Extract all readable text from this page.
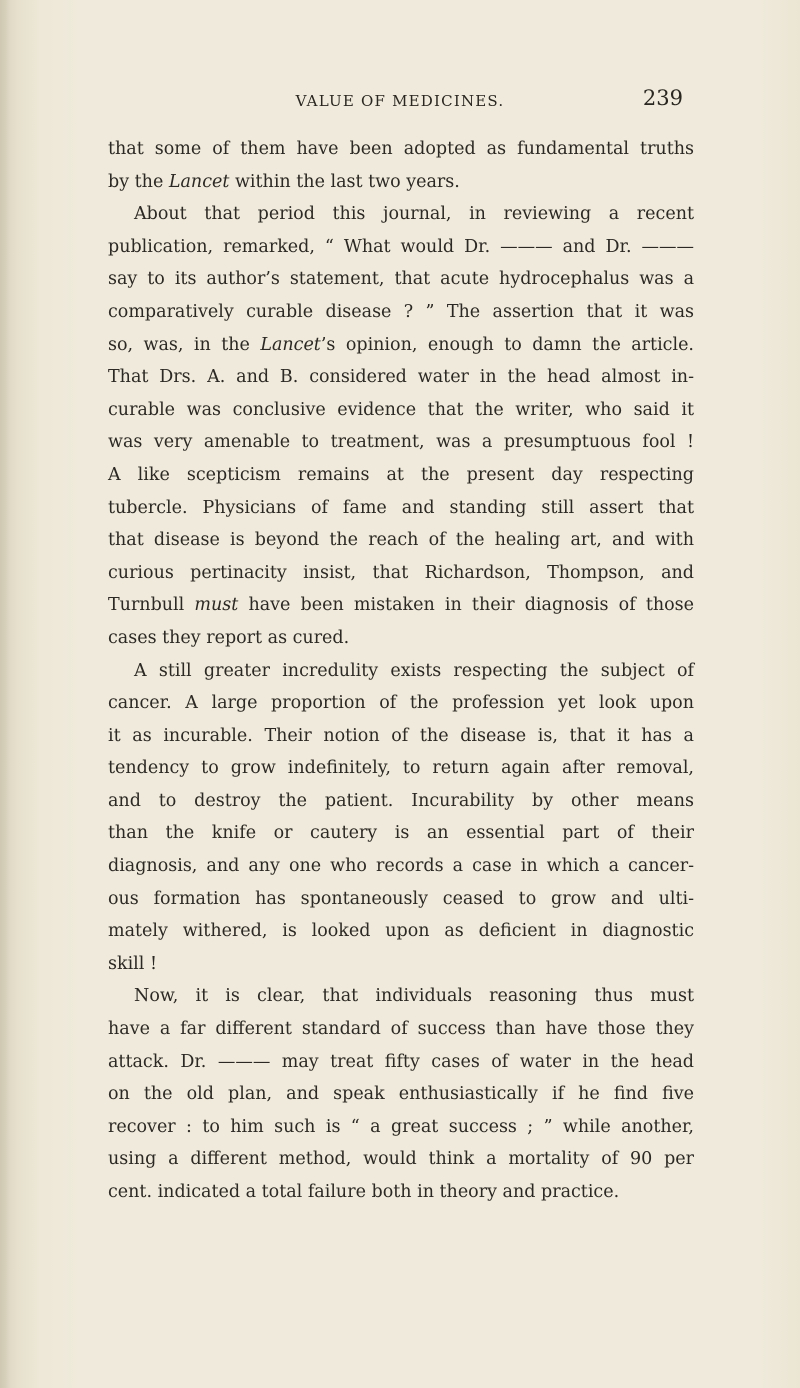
VALUE OF MEDICINES.	239
that some of them have been adopted as fundamental truths
by the Lancet within the last two years.
About that period this journal, in reviewing a recent
publication, remarked, “ What would Dr. ——— and Dr. ———
say to its author’s statement, that acute hydrocephalus was a
comparatively curable disease ? ” The assertion that it was
so, was, in the Lancet’s opinion, enough to damn the article.
That Drs. A. and B. considered water in the head almost in-
curable was conclusive evidence that the writer, who said it
was very amenable to treatment, was a presumptuous fool !
A like scepticism remains at the present day respecting
tubercle. Physicians of fame and standing still assert that
that disease is beyond the reach of the healing art, and with
curious pertinacity insist, that Richardson, Thompson, and
Turnbull must have been mistaken in their diagnosis of those
cases they report as cured.
A still greater incredulity exists respecting the subject of
cancer. A large proportion of the profession yet look upon
it as incurable. Their notion of the disease is, that it has a
tendency to grow indefinitely, to return again after removal,
and to destroy the patient. Incurability by other means
than the knife or cautery is an essential part of their
diagnosis, and any one who records a case in which a cancer-
ous formation has spontaneously ceased to grow and ulti-
mately withered, is looked upon as deficient in diagnostic
skill !
Now, it is clear, that individuals reasoning thus must
have a far different standard of success than have those they
attack. Dr. ——— may treat fifty cases of water in the head
on the old plan, and speak enthusiastically if he find five
recover : to him such is “ a great success ; ” while another,
using a different method, would think a mortality of 90 per
cent. indicated a total failure both in theory and practice.
